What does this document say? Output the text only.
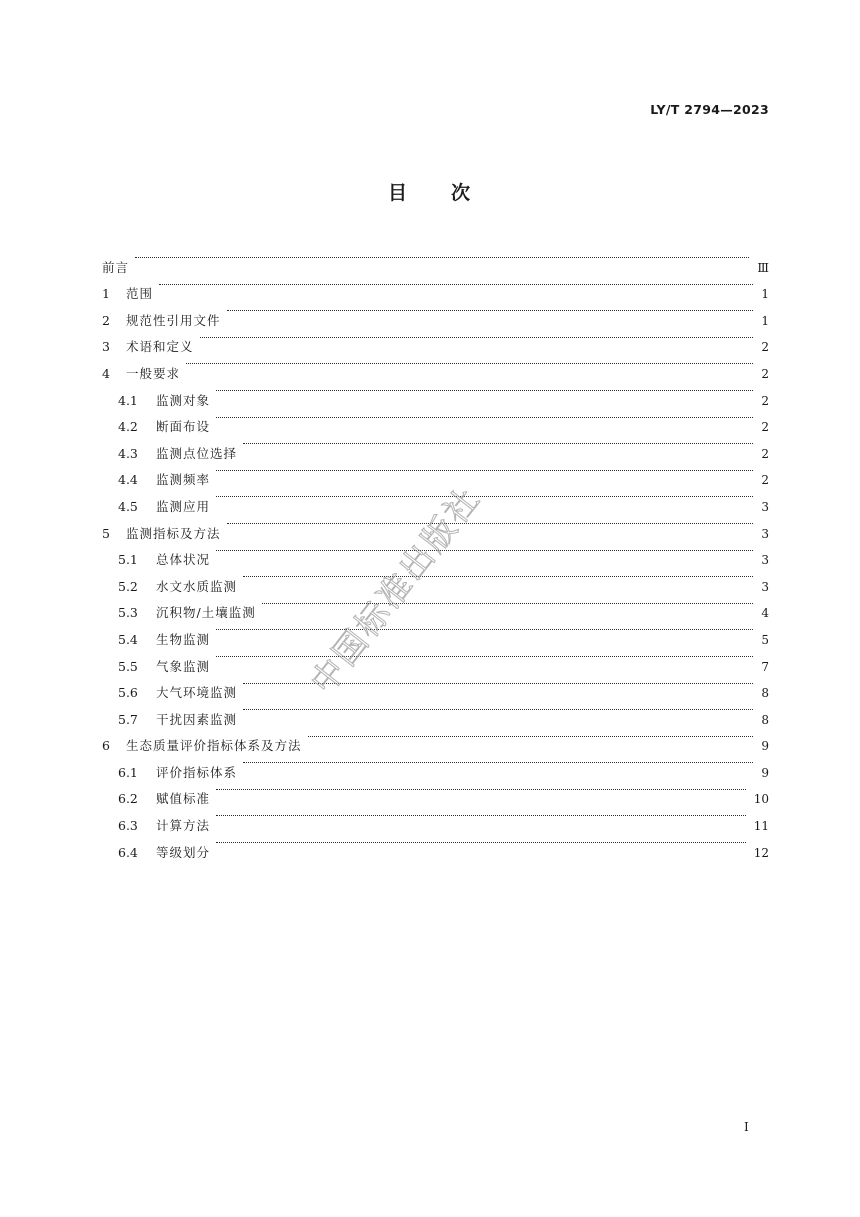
LY/T 2794—2023
目　　次
前言	Ⅲ
1	范围	1
2	规范性引用文件	1
3	术语和定义	2
4	一般要求	2
4.1	监测对象	2
4.2	断面布设	2
4.3	监测点位选择	2
4.4	监测频率	2
4.5	监测应用	3
5	监测指标及方法	3
5.1	总体状况	3
5.2	水文水质监测	3
5.3	沉积物/土壤监测	4
5.4	生物监测	5
5.5	气象监测	7
5.6	大气环境监测	8
5.7	干扰因素监测	8
6	生态质量评价指标体系及方法	9
6.1	评价指标体系	9
6.2	赋值标准	10
6.3	计算方法	11
6.4	等级划分	12
中国标准出版社
I
